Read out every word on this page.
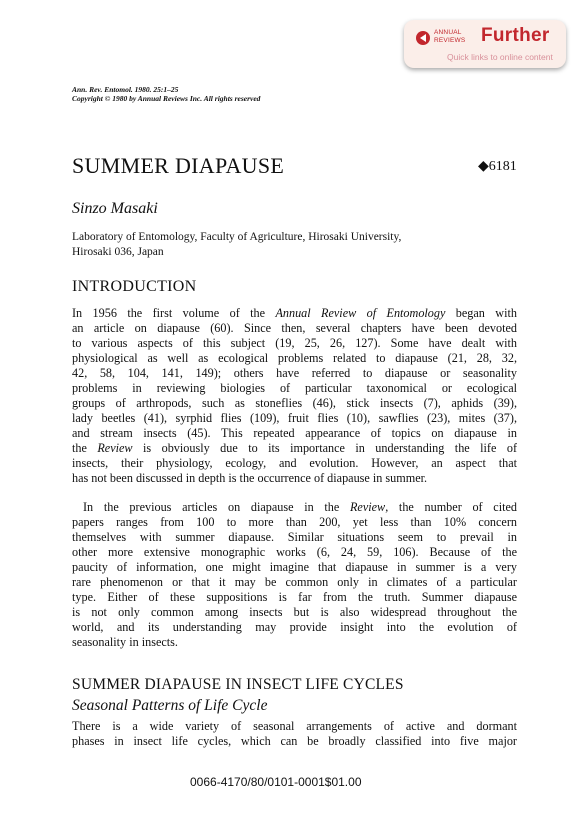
ANNUAL
REVIEWS Further
Quick links to online content
Ann. Rev. Entomol. 1980. 25:1–25
Copyright © 1980 by Annual Reviews Inc. All rights reserved
SUMMER DIAPAUSE	◆6181
Sinzo Masaki
Laboratory of Entomology, Faculty of Agriculture, Hirosaki University,
Hirosaki 036, Japan
INTRODUCTION
In 1956 the first volume of the Annual Review of Entomology began with
an article on diapause (60). Since then, several chapters have been devoted
to various aspects of this subject (19, 25, 26, 127). Some have dealt with
physiological as well as ecological problems related to diapause (21, 28, 32,
42, 58, 104, 141, 149); others have referred to diapause or seasonality
problems in reviewing biologies of particular taxonomical or ecological
groups of arthropods, such as stoneflies (46), stick insects (7), aphids (39),
lady beetles (41), syrphid flies (109), fruit flies (10), sawflies (23), mites (37),
and stream insects (45). This repeated appearance of topics on diapause in
the Review is obviously due to its importance in understanding the life of
insects, their physiology, ecology, and evolution. However, an aspect that
has not been discussed in depth is the occurrence of diapause in summer.
In the previous articles on diapause in the Review, the number of cited
papers ranges from 100 to more than 200, yet less than 10% concern
themselves with summer diapause. Similar situations seem to prevail in
other more extensive monographic works (6, 24, 59, 106). Because of the
paucity of information, one might imagine that diapause in summer is a very
rare phenomenon or that it may be common only in climates of a particular
type. Either of these suppositions is far from the truth. Summer diapause
is not only common among insects but is also widespread throughout the
world, and its understanding may provide insight into the evolution of
seasonality in insects.
SUMMER DIAPAUSE IN INSECT LIFE CYCLES
Seasonal Patterns of Life Cycle
There is a wide variety of seasonal arrangements of active and dormant
phases in insect life cycles, which can be broadly classified into five major
0066-4170/80/0101-0001$01.00
